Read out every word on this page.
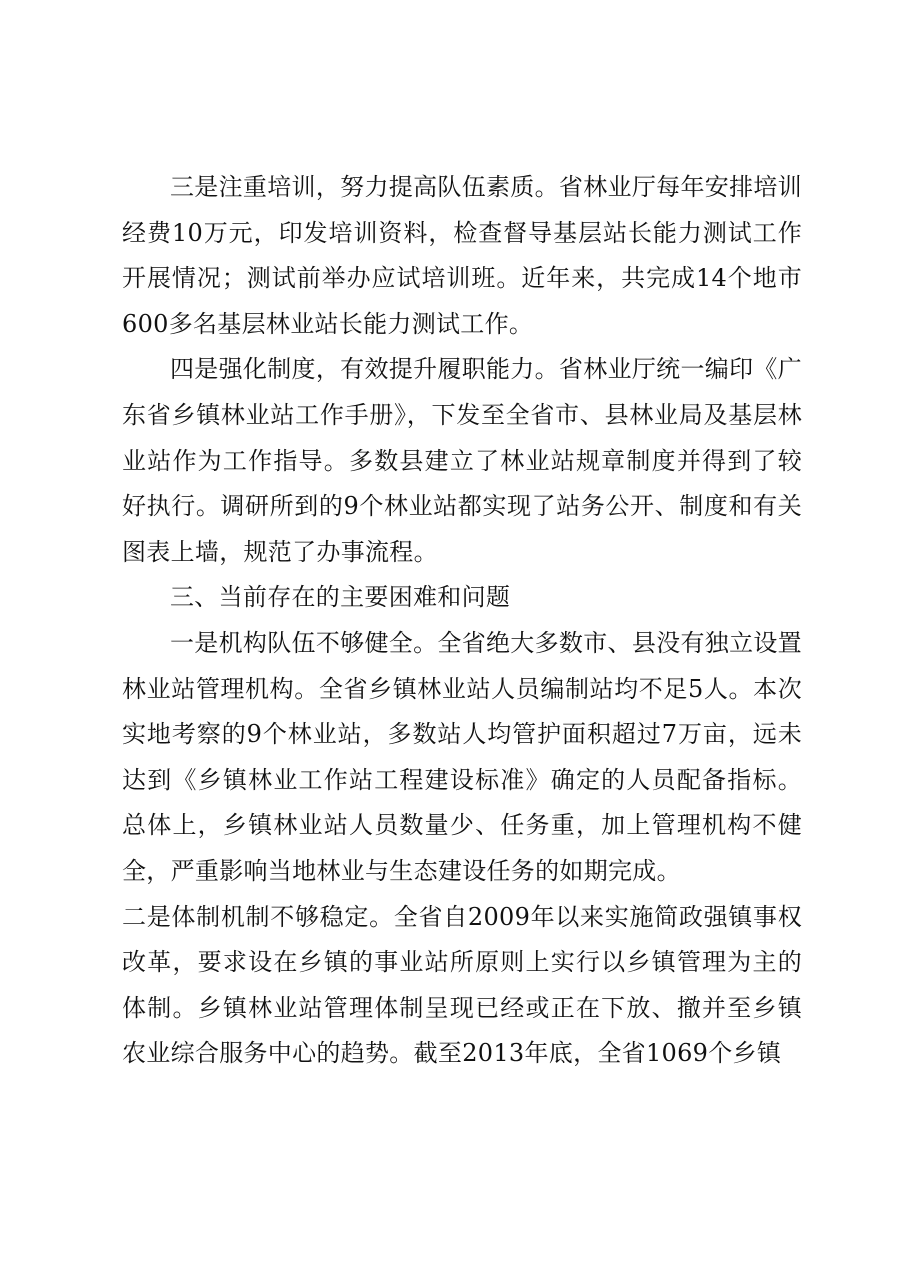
三是注重培训，努力提高队伍素质。省林业厅每年安排培训经费10万元，印发培训资料，检查督导基层站长能力测试工作开展情况；测试前举办应试培训班。近年来，共完成14个地市600多名基层林业站长能力测试工作。

四是强化制度，有效提升履职能力。省林业厅统一编印《广东省乡镇林业站工作手册》，下发至全省市、县林业局及基层林业站作为工作指导。多数县建立了林业站规章制度并得到了较好执行。调研所到的9个林业站都实现了站务公开、制度和有关图表上墙，规范了办事流程。

三、当前存在的主要困难和问题

一是机构队伍不够健全。全省绝大多数市、县没有独立设置林业站管理机构。全省乡镇林业站人员编制站均不足5人。本次实地考察的9个林业站，多数站人均管护面积超过7万亩，远未达到《乡镇林业工作站工程建设标准》确定的人员配备指标。总体上，乡镇林业站人员数量少、任务重，加上管理机构不健全，严重影响当地林业与生态建设任务的如期完成。

二是体制机制不够稳定。全省自2009年以来实施简政强镇事权改革，要求设在乡镇的事业站所原则上实行以乡镇管理为主的体制。乡镇林业站管理体制呈现已经或正在下放、撤并至乡镇农业综合服务中心的趋势。截至2013年底，全省1069个乡镇
